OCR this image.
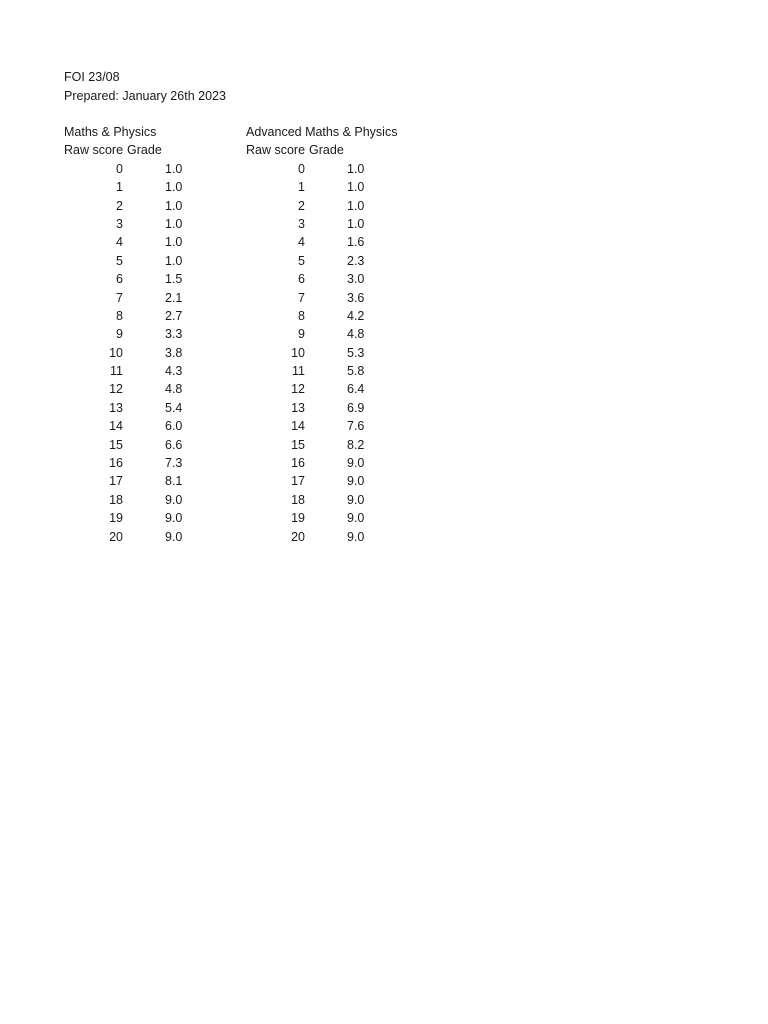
FOI 23/08
Prepared: January 26th 2023
Maths & Physics
Raw score Grade
0	1.0
1	1.0
2	1.0
3	1.0
4	1.0
5	1.0
6	1.5
7	2.1
8	2.7
9	3.3
10	3.8
11	4.3
12	4.8
13	5.4
14	6.0
15	6.6
16	7.3
17	8.1
18	9.0
19	9.0
20	9.0
Advanced Maths & Physics
Raw score Grade
0	1.0
1	1.0
2	1.0
3	1.0
4	1.6
5	2.3
6	3.0
7	3.6
8	4.2
9	4.8
10	5.3
11	5.8
12	6.4
13	6.9
14	7.6
15	8.2
16	9.0
17	9.0
18	9.0
19	9.0
20	9.0
